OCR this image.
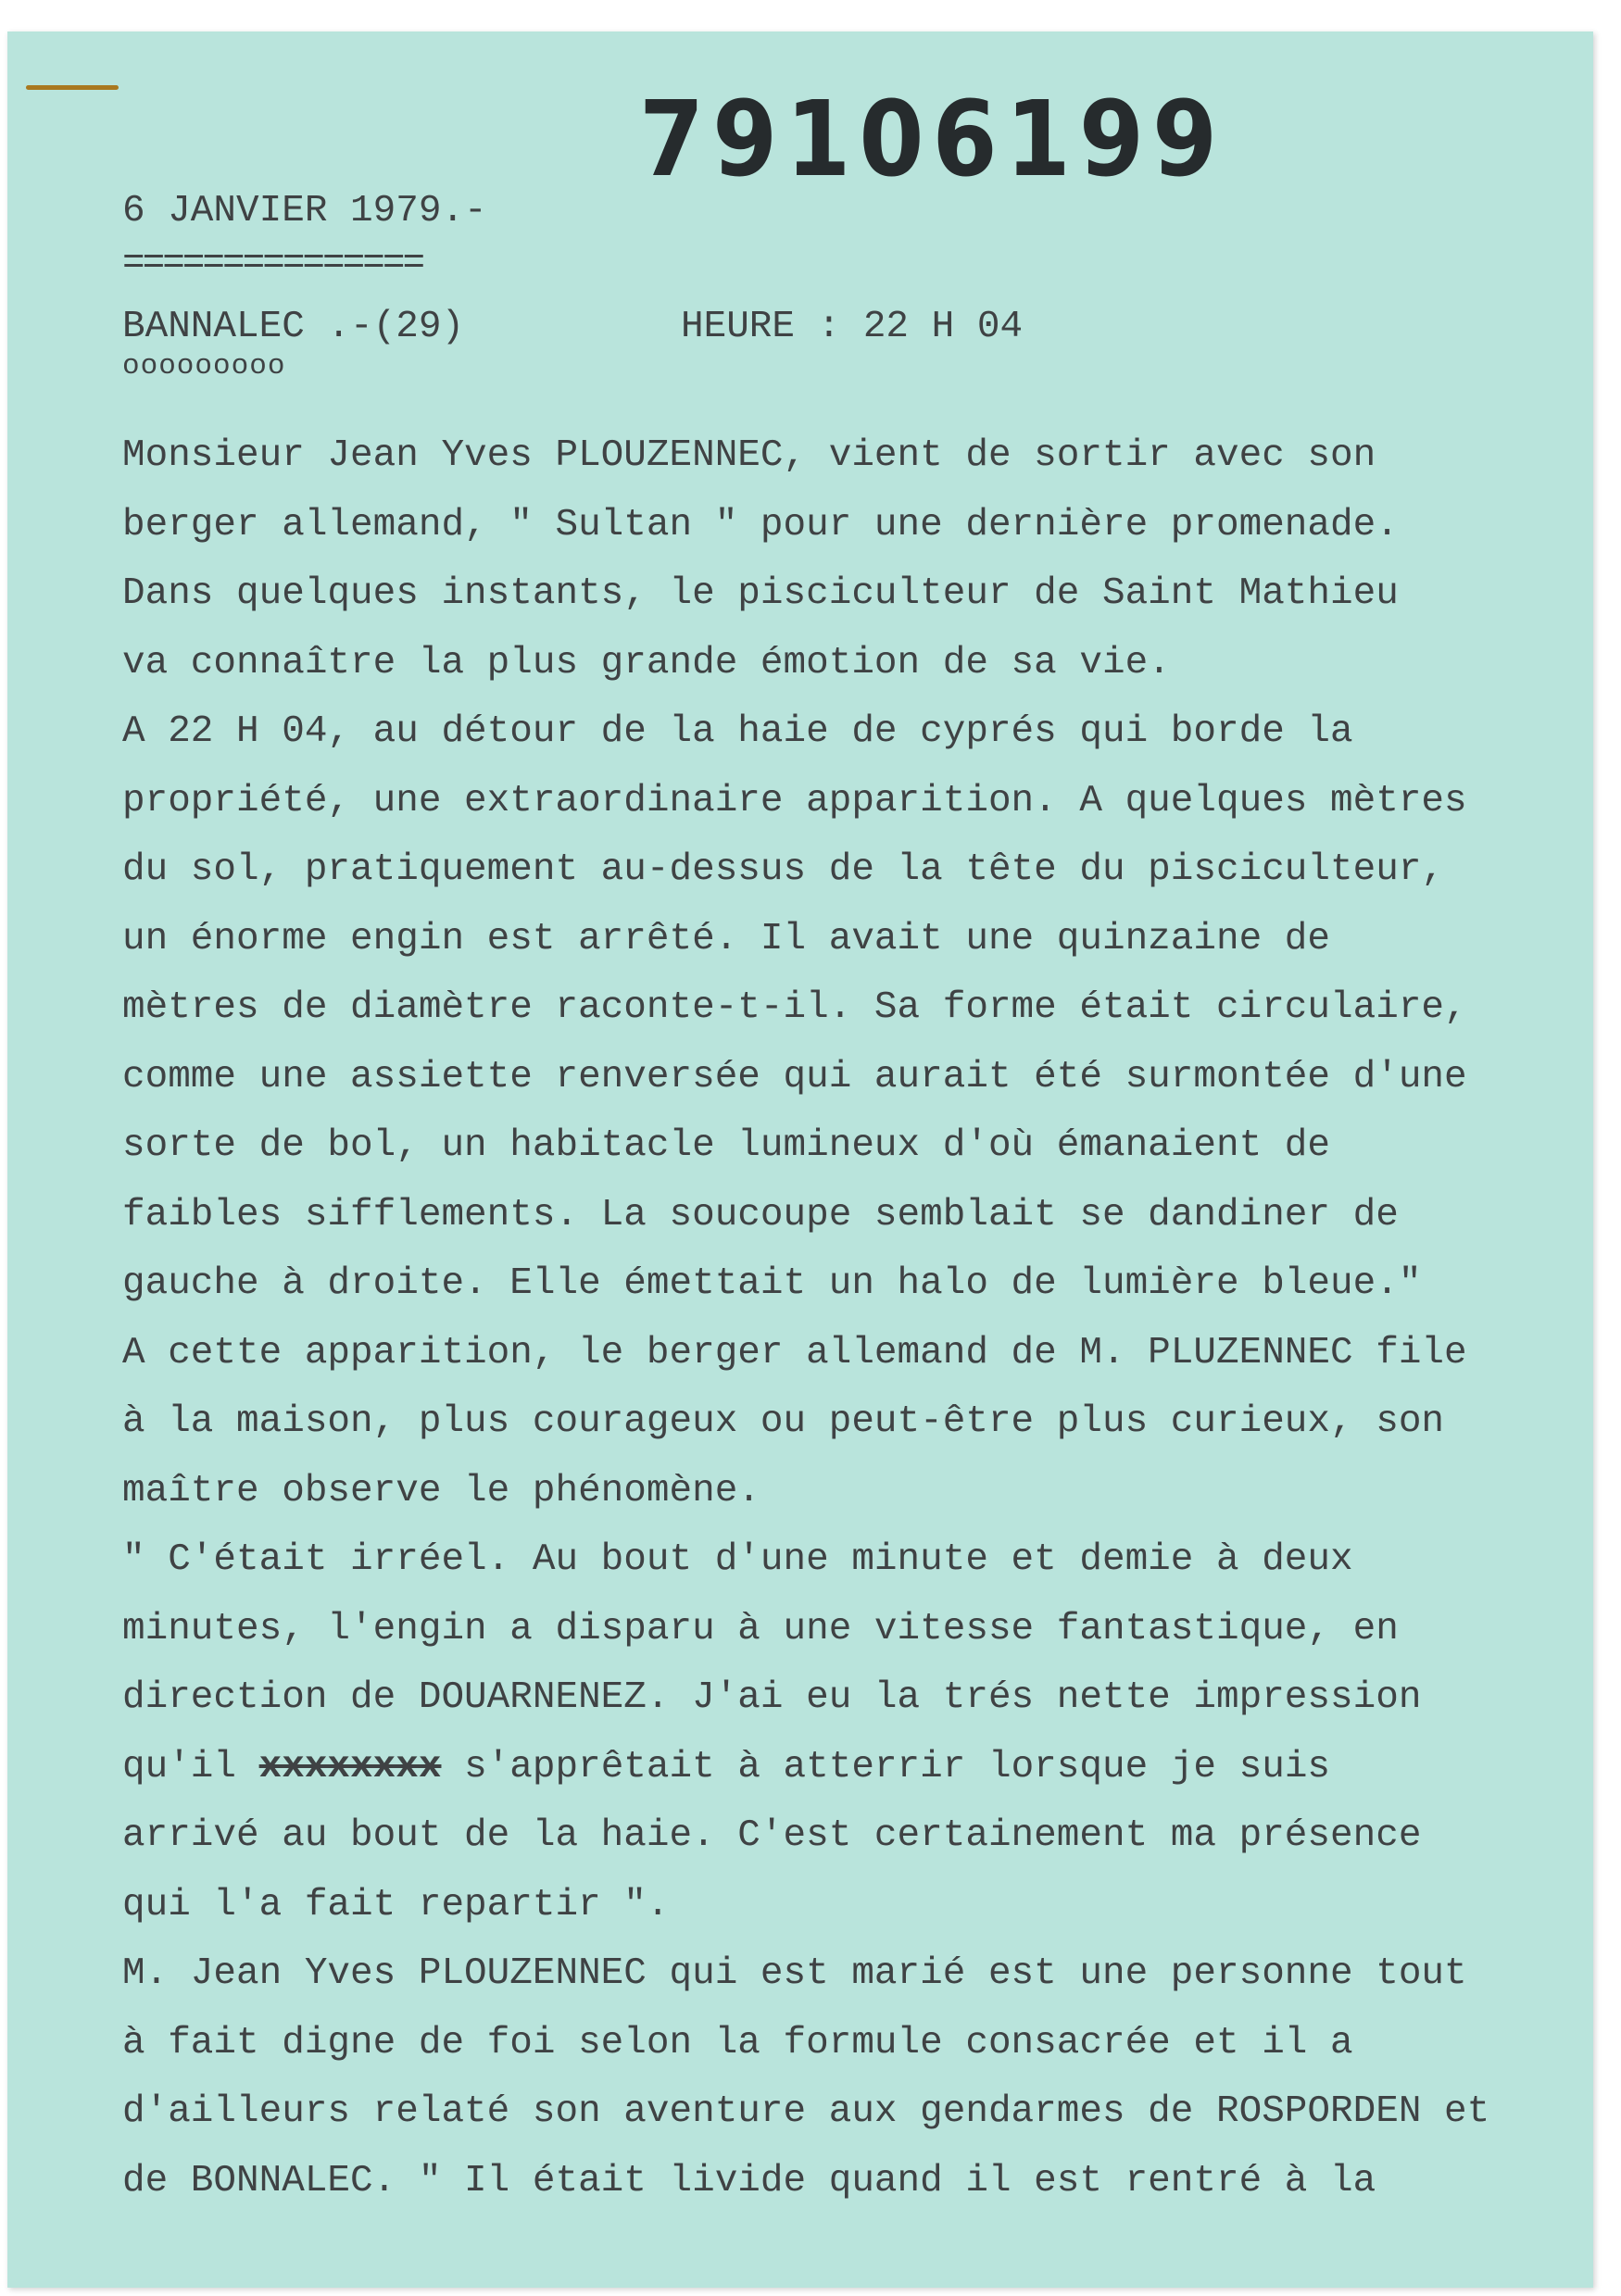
79106199
6 JANVIER 1979.-
===============
BANNALEC .-(29)	HEURE : 22 H 04
ooooooooo
Monsieur Jean Yves PLOUZENNEC, vient de sortir avec son
berger allemand, " Sultan " pour une dernière promenade.
Dans quelques instants, le pisciculteur de Saint Mathieu
va connaître la plus grande émotion de sa vie.
A 22 H 04, au détour de la haie de cyprés qui borde la
propriété, une extraordinaire apparition. A quelques mètres
du sol, pratiquement au-dessus de la tête du pisciculteur,
un énorme engin est arrêté. Il avait une quinzaine de
mètres de diamètre raconte-t-il. Sa forme était circulaire,
comme une assiette renversée qui aurait été surmontée d'une
sorte de bol, un habitacle lumineux d'où émanaient de
faibles sifflements. La soucoupe semblait se dandiner de
gauche à droite. Elle émettait un halo de lumière bleue."
A cette apparition, le berger allemand de M. PLUZENNEC file
à la maison, plus courageux ou peut-être plus curieux, son
maître observe le phénomène.
" C'était irréel. Au bout d'une minute et demie à deux
minutes, l'engin a disparu à une vitesse fantastique, en
direction de DOUARNENEZ. J'ai eu la trés nette impression
qu'il xxxxxxxx s'apprêtait à atterrir lorsque je suis
arrivé au bout de la haie. C'est certainement ma présence
qui l'a fait repartir ".
M. Jean Yves PLOUZENNEC qui est marié est une personne tout
à fait digne de foi selon la formule consacrée et il a
d'ailleurs relaté son aventure aux gendarmes de ROSPORDEN et
de BONNALEC. " Il était livide quand il est rentré à la
